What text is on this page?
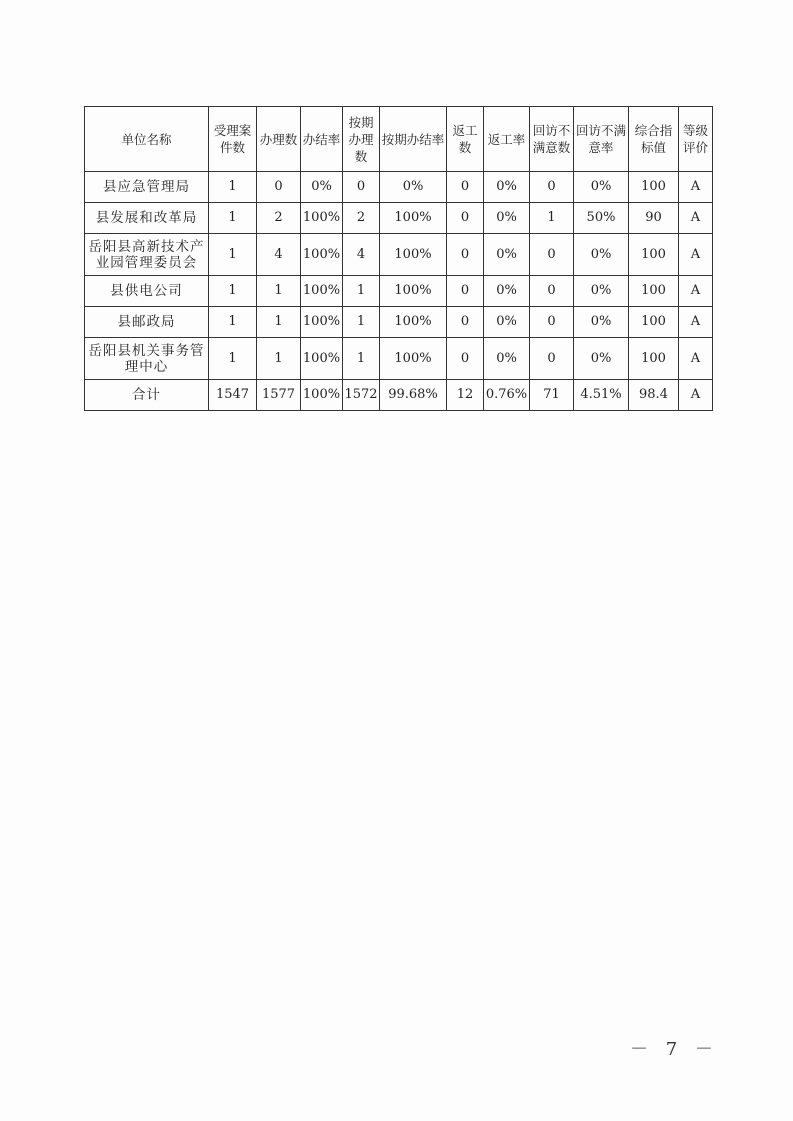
单位名称	受理案件数	办理数	办结率	按期办理数	按期办结率	返工数	返工率	回访不满意数	回访不满意率	综合指标值	等级评价
县应急管理局	1	0	0%	0	0%	0	0%	0	0%	100	A
县发展和改革局	1	2	100%	2	100%	0	0%	1	50%	90	A
岳阳县高新技术产业园管理委员会	1	4	100%	4	100%	0	0%	0	0%	100	A
县供电公司	1	1	100%	1	100%	0	0%	0	0%	100	A
县邮政局	1	1	100%	1	100%	0	0%	0	0%	100	A
岳阳县机关事务管理中心	1	1	100%	1	100%	0	0%	0	0%	100	A
合计	1547	1577	100%	1572	99.68%	12	0.76%	71	4.51%	98.4	A
－ 7 －
